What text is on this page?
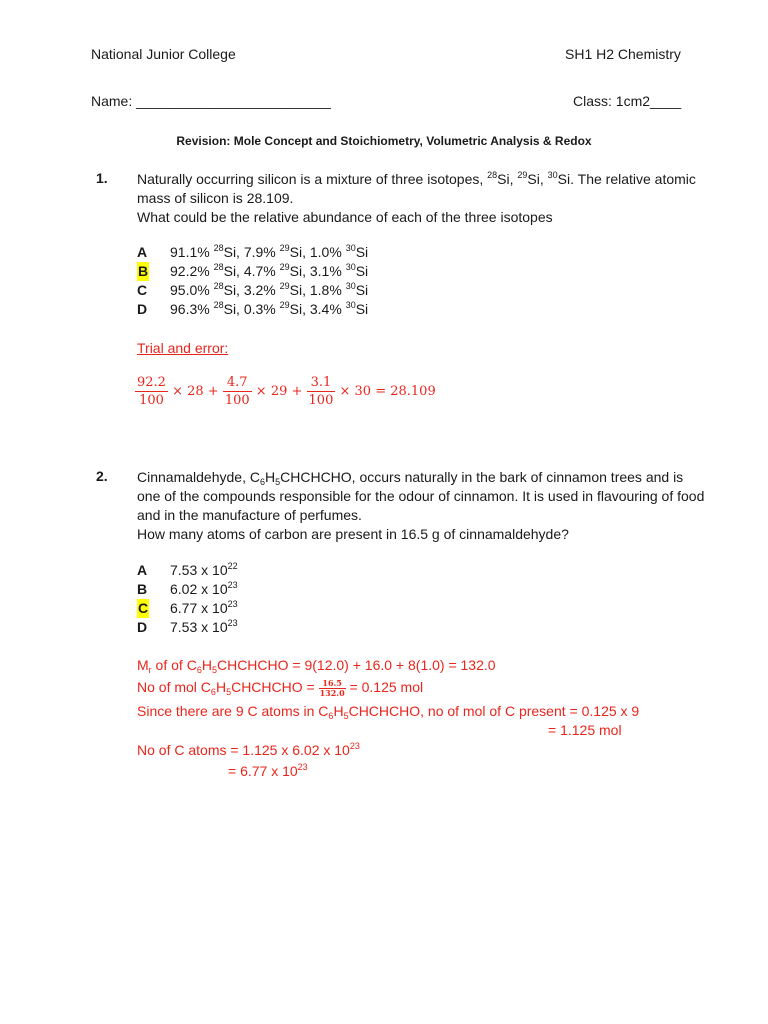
National Junior College	SH1 H2 Chemistry
Name: _________________________	Class: 1cm2____
Revision: Mole Concept and Stoichiometry, Volumetric Analysis & Redox
1. Naturally occurring silicon is a mixture of three isotopes, $^{28}$Si, $^{29}$Si, $^{30}$Si. The relative atomic
mass of silicon is 28.109.
What could be the relative abundance of each of the three isotopes
A 91.1% $^{28}$Si, 7.9% $^{29}$Si, 1.0% $^{30}$Si
B 92.2% $^{28}$Si, 4.7% $^{29}$Si, 3.1% $^{30}$Si
C 95.0% $^{28}$Si, 3.2% $^{29}$Si, 1.8% $^{30}$Si
D 96.3% $^{28}$Si, 0.3% $^{29}$Si, 3.4% $^{30}$Si
Trial and error:
$\frac{92.2}{100} \times 28 + \frac{4.7}{100} \times 29 + \frac{3.1}{100} \times 30 = 28.109$
2. Cinnamaldehyde, $C_6H_5CHCHCHO$, occurs naturally in the bark of cinnamon trees and is
one of the compounds responsible for the odour of cinnamon. It is used in flavouring of food
and in the manufacture of perfumes.
How many atoms of carbon are present in 16.5 g of cinnamaldehyde?
A 7.53 x $10^{22}$
B 6.02 x $10^{23}$
C 6.77 x $10^{23}$
D 7.53 x $10^{23}$
$M_r$ of of $C_6H_5CHCHCHO = 9(12.0) + 16.0 + 8(1.0) = 132.0$
No of mol $C_6H_5CHCHCHO = \frac{16.5}{132.0} = 0.125$ mol
Since there are 9 C atoms in $C_6H_5CHCHCHO$, no of mol of C present = 0.125 x 9
= 1.125 mol
No of C atoms = 1.125 x 6.02 x $10^{23}$
= 6.77 x $10^{23}$
